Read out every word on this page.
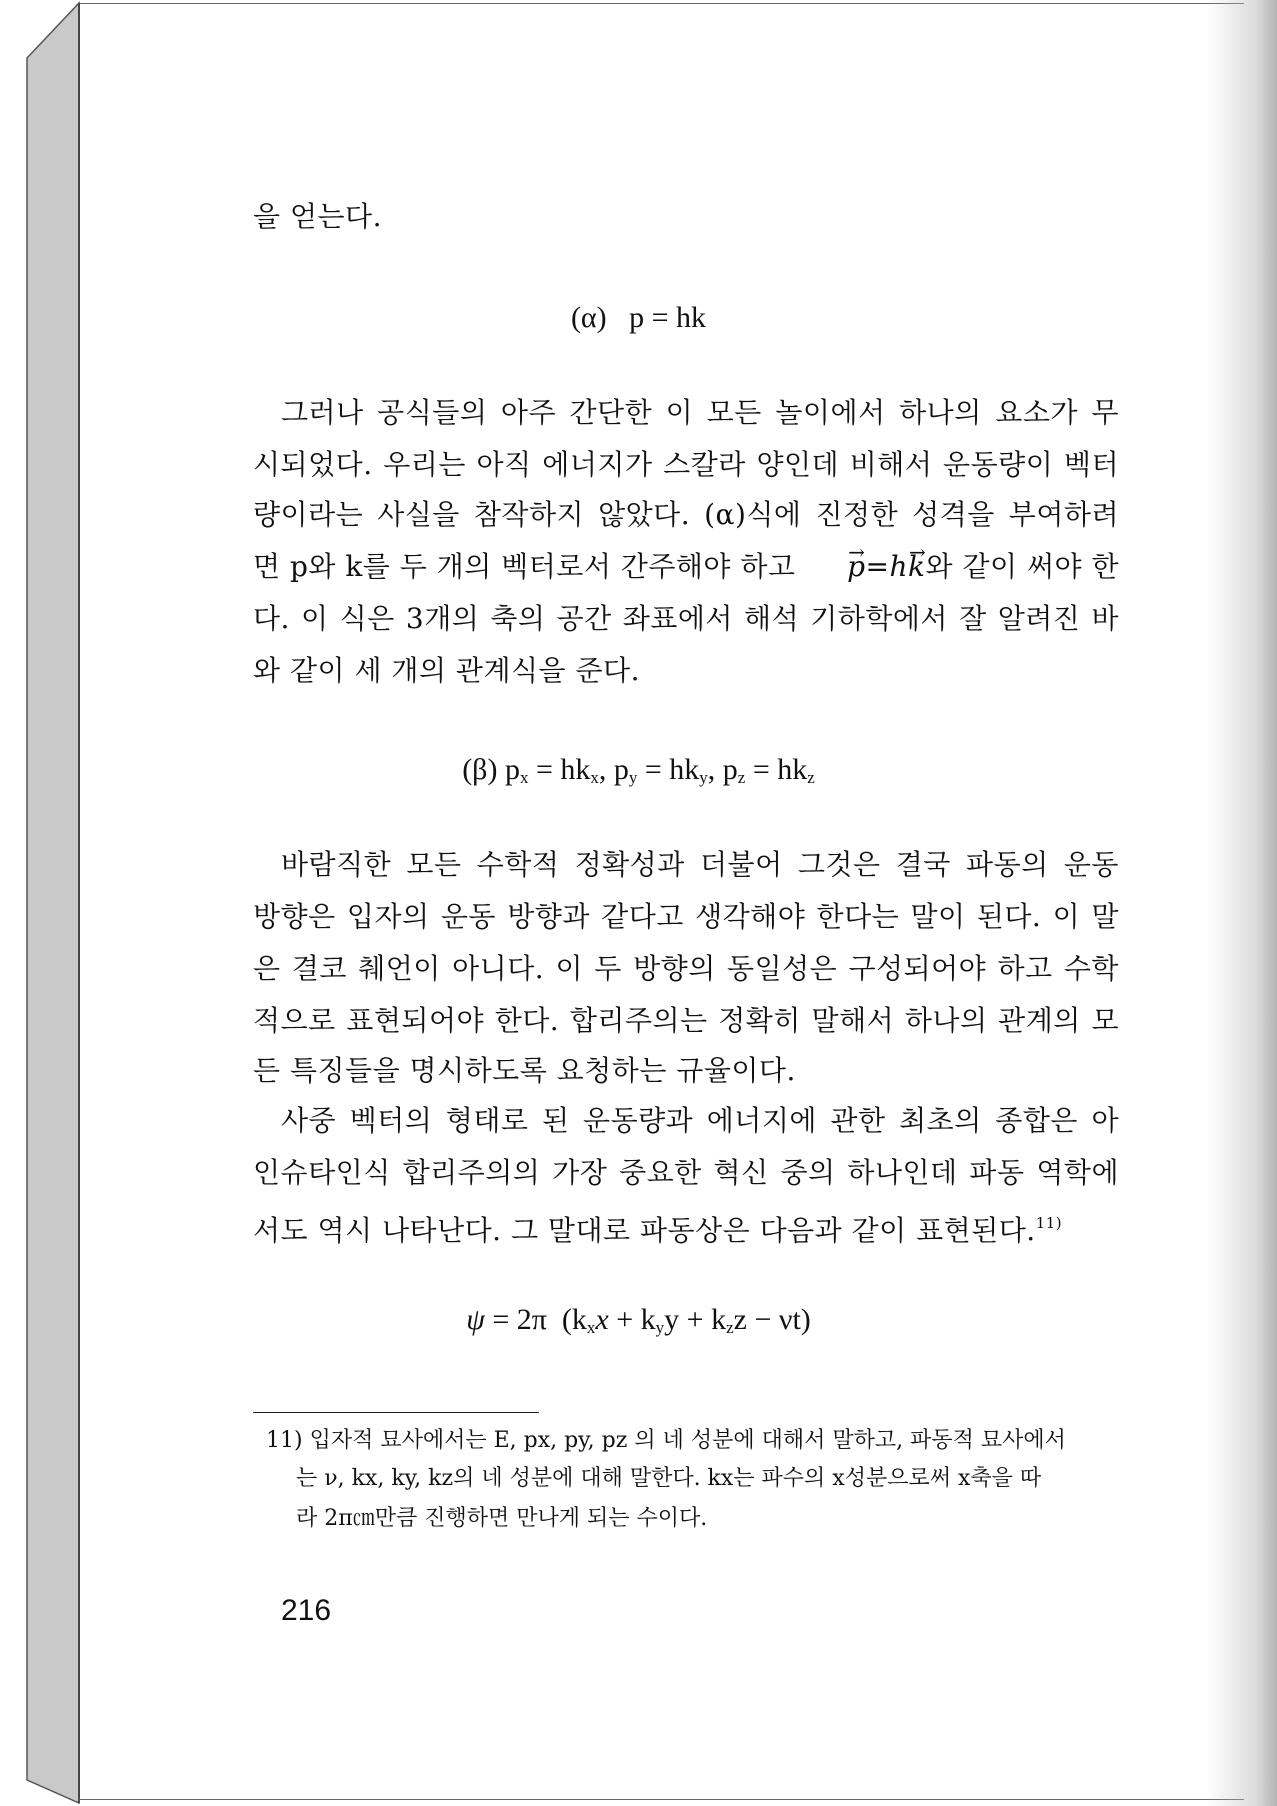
을 얻는다.
(α) p = hk
그러나 공식들의 아주 간단한 이 모든 놀이에서 하나의 요소가 무
시되었다. 우리는 아직 에너지가 스칼라 양인데 비해서 운동량이 벡터
량이라는 사실을 참작하지 않았다. (α)식에 진정한 성격을 부여하려
면 p와 k를 두 개의 벡터로서 간주해야 하고
→ p=h→ k와 같이 써야 한
다. 이 식은 3개의 축의 공간 좌표에서 해석 기하학에서 잘 알려진 바
와 같이 세 개의 관계식을 준다.
(β) $p_x = hk_x$, $p_y = hk_y$, $p_z = hk_z$
바람직한 모든 수학적 정확성과 더불어 그것은 결국 파동의 운동
방향은 입자의 운동 방향과 같다고 생각해야 한다는 말이 된다. 이 말
은 결코 췌언이 아니다. 이 두 방향의 동일성은 구성되어야 하고 수학
적으로 표현되어야 한다. 합리주의는 정확히 말해서 하나의 관계의 모
든 특징들을 명시하도록 요청하는 규율이다.
사중 벡터의 형태로 된 운동량과 에너지에 관한 최초의 종합은 아
인슈타인식 합리주의의 가장 중요한 혁신 중의 하나인데 파동 역학에
서도 역시 나타난다. 그 말대로 파동상은 다음과 같이 표현된다.$^{11)}$
ψ = 2π $(k_xx + k_yy + k_zz - \nu t)$
11) 입자적 묘사에서는 E, px, py, pz 의 네 성분에 대해서 말하고, 파동적 묘사에서
는 ν, kx, ky, kz의 네 성분에 대해 말한다. kx는 파수의 x성분으로써 x축을 따
라 2π㎝만큼 진행하면 만나게 되는 수이다.
216
